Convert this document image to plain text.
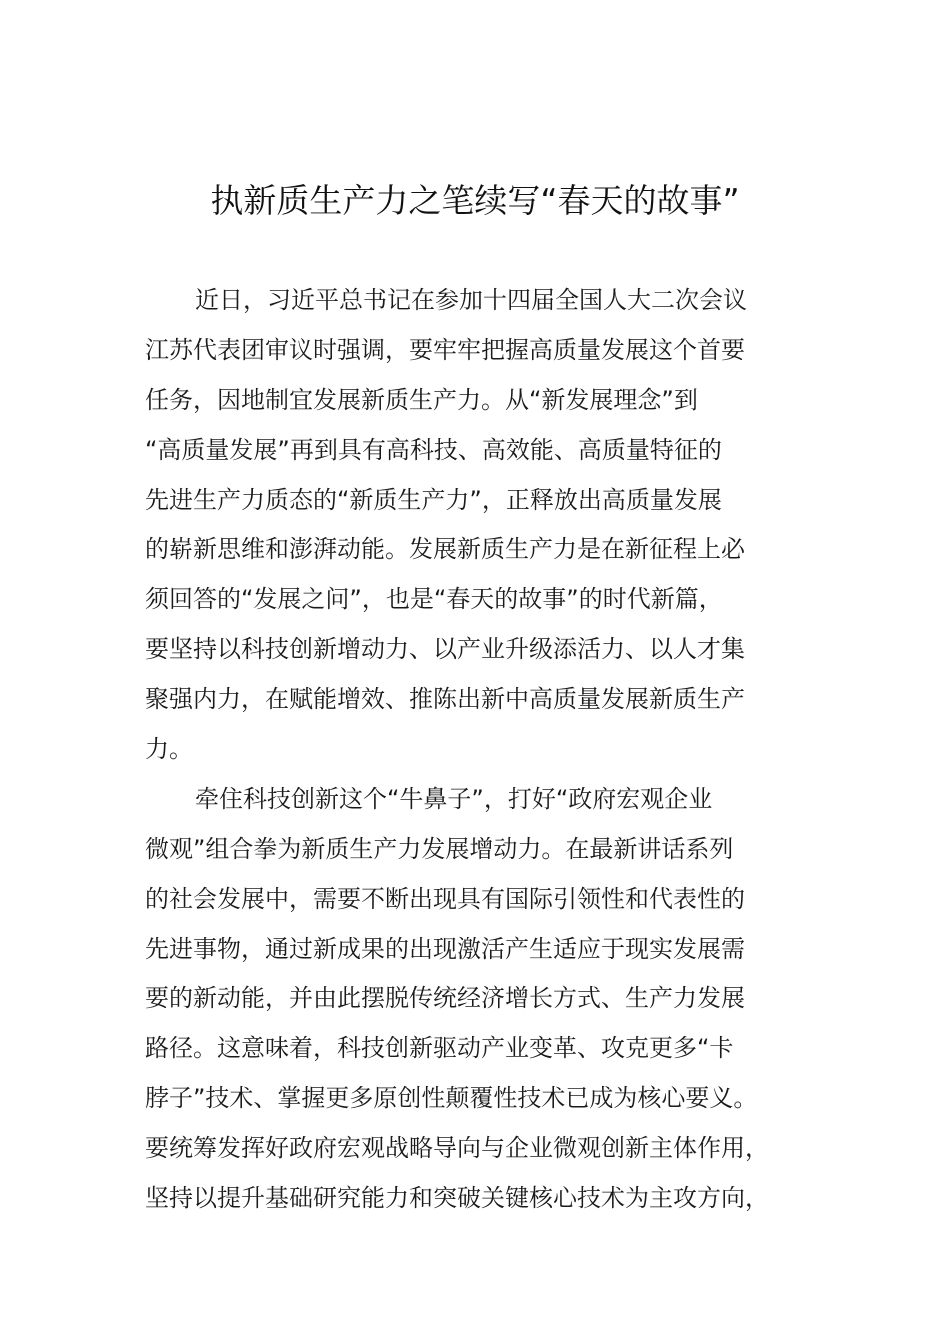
执新质生产力之笔续写“春天的故事”
近日，习近平总书记在参加十四届全国人大二次会议
江苏代表团审议时强调，要牢牢把握高质量发展这个首要
任务，因地制宜发展新质生产力。从“新发展理念”到
“高质量发展”再到具有高科技、高效能、高质量特征的
先进生产力质态的“新质生产力”，正释放出高质量发展
的崭新思维和澎湃动能。发展新质生产力是在新征程上必
须回答的“发展之问”，也是“春天的故事”的时代新篇，
要坚持以科技创新增动力、以产业升级添活力、以人才集
聚强内力，在赋能增效、推陈出新中高质量发展新质生产
力。
牵住科技创新这个“牛鼻子”，打好“政府宏观企业
微观”组合拳为新质生产力发展增动力。在最新讲话系列
的社会发展中，需要不断出现具有国际引领性和代表性的
先进事物，通过新成果的出现激活产生适应于现实发展需
要的新动能，并由此摆脱传统经济增长方式、生产力发展
路径。这意味着，科技创新驱动产业变革、攻克更多“卡
脖子”技术、掌握更多原创性颠覆性技术已成为核心要义。
要统筹发挥好政府宏观战略导向与企业微观创新主体作用，
坚持以提升基础研究能力和突破关键核心技术为主攻方向，
